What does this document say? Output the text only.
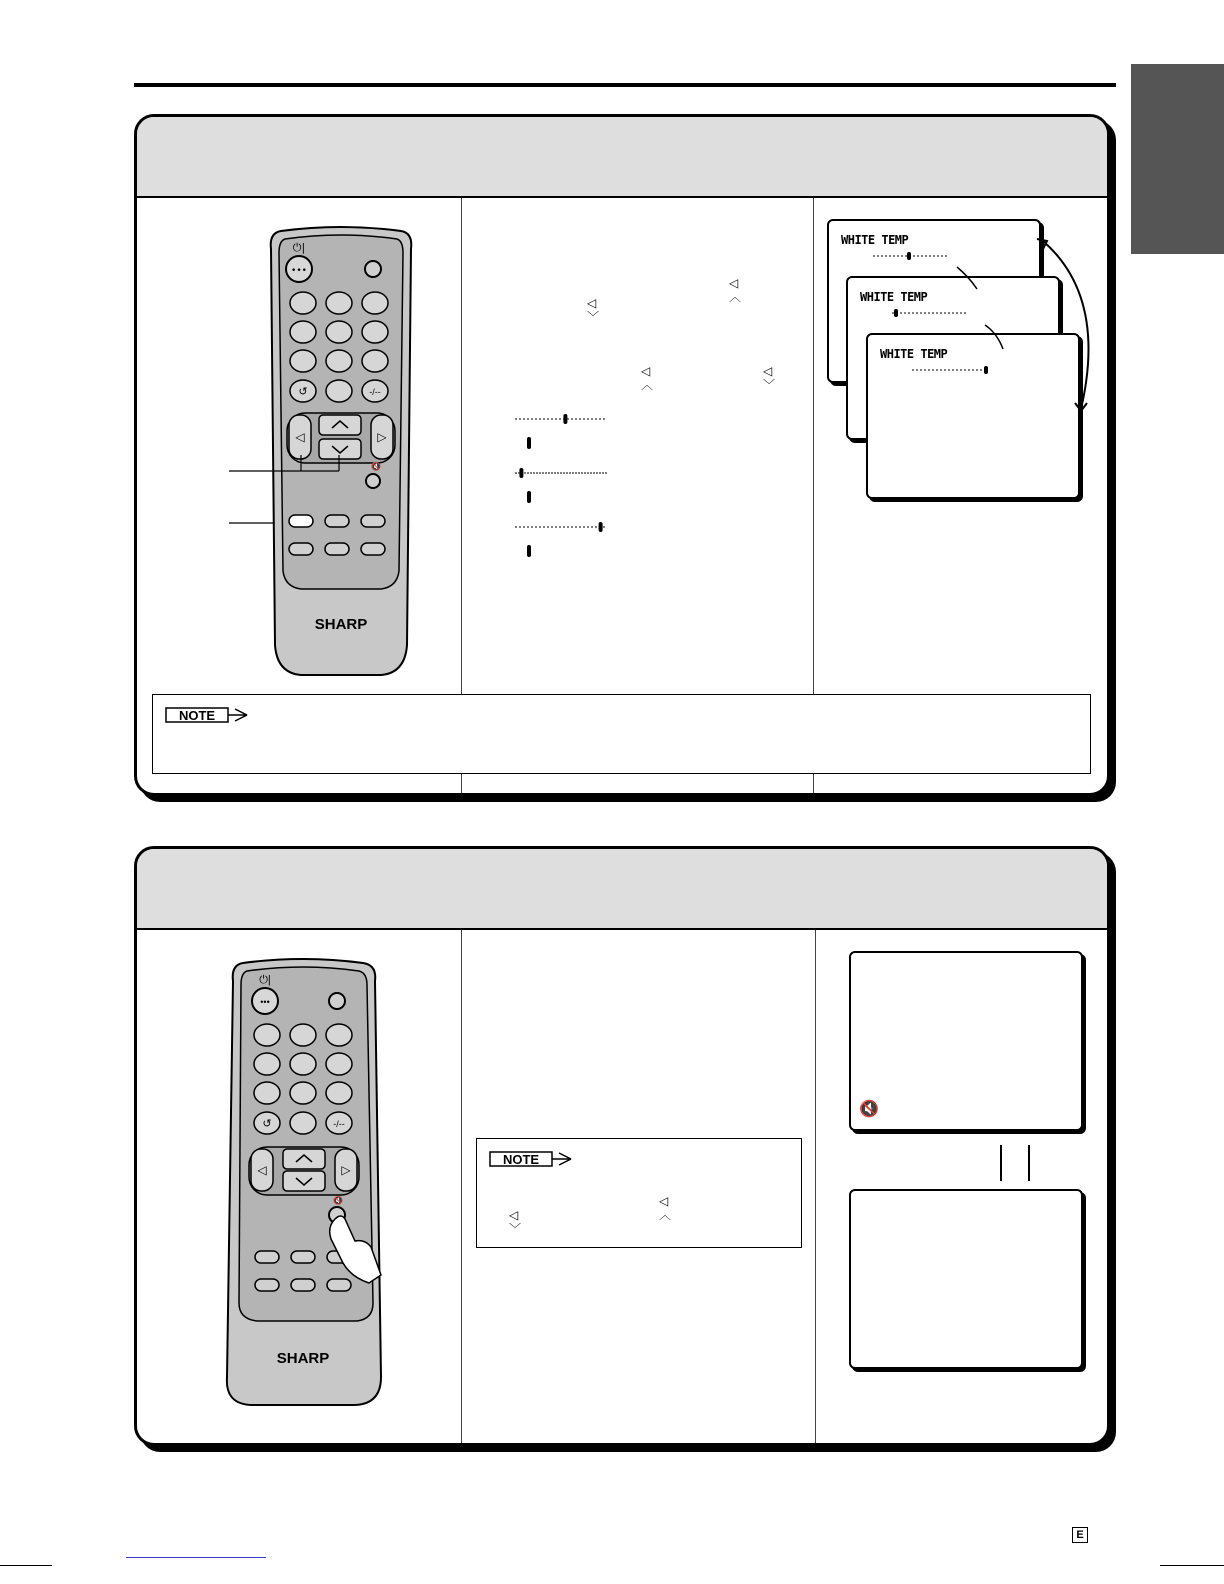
•••
⏻|
↺	-/--
◁	▷
🔇
SHARP
◁
︿
◁
﹀
◁
︿
◁
﹀
WHITE TEMP
WHITE TEMP
WHITE TEMP
NOTE
•••
⏻|
↺	-/--
◁	▷
🔇
SHARP
NOTE
◁
︿
◁
﹀
🔇
E
